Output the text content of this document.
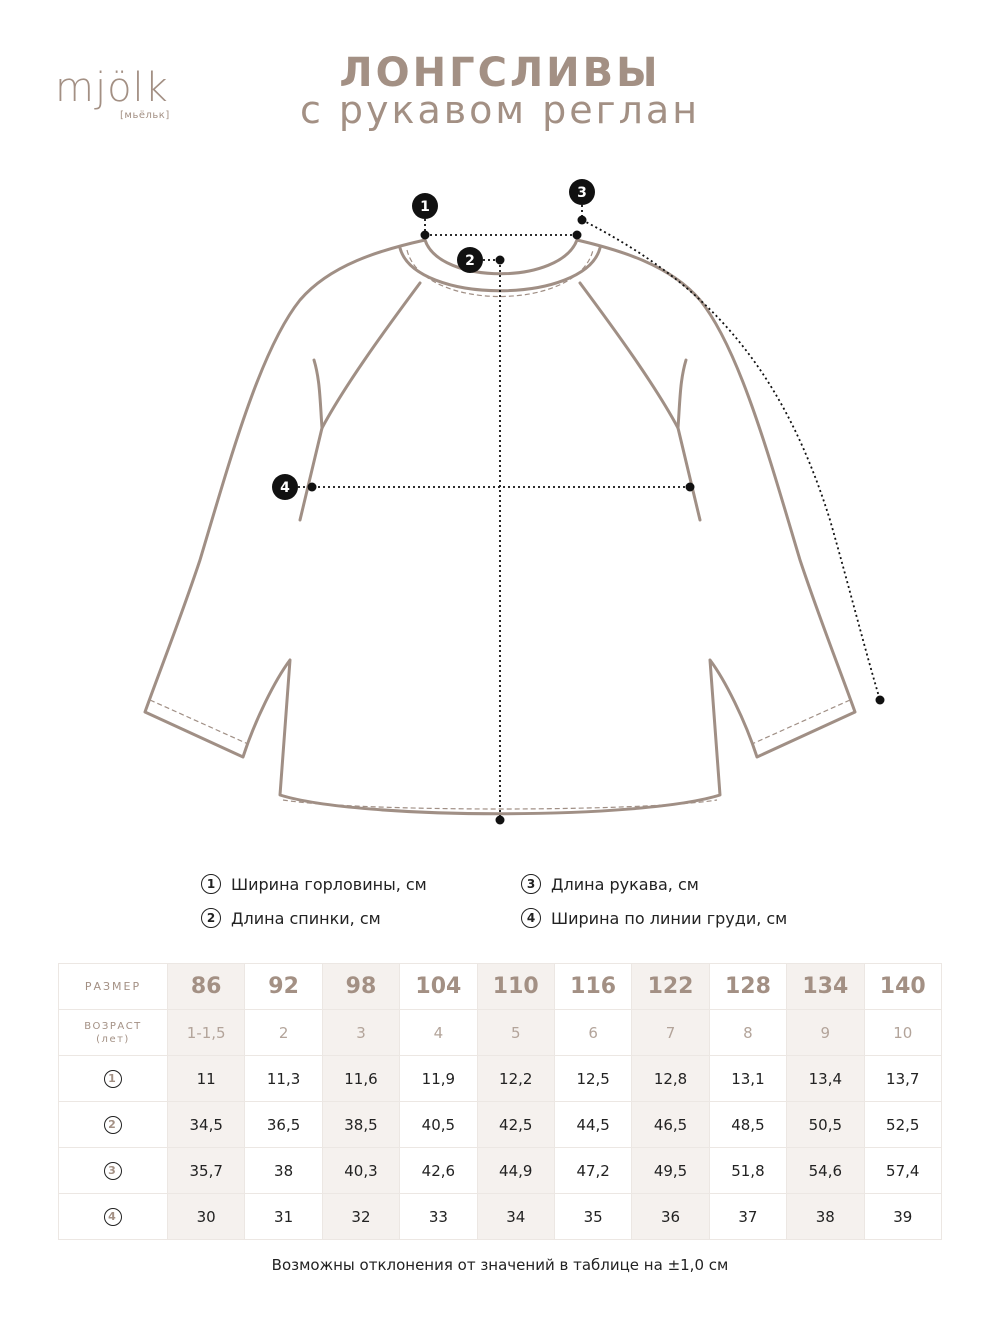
mjölk
[мьёльк]
ЛОНГСЛИВЫ
с рукавом реглан
1
2
3
4
1 Ширина горловины, см
2 Длина спинки, см
3 Длина рукава, см
4 Ширина по линии груди, см
РАЗМЕР	86	92	98	104	110	116	122	128	134	140

ВОЗРАСТ
(лет)	1-1,5	2	3	4	5	6	7	8	9	10
1	11	11,3	11,6	11,9	12,2	12,5	12,8	13,1	13,4	13,7
2	34,5	36,5	38,5	40,5	42,5	44,5	46,5	48,5	50,5	52,5
3	35,7	38	40,3	42,6	44,9	47,2	49,5	51,8	54,6	57,4
4	30	31	32	33	34	35	36	37	38	39
Возможны отклонения от значений в таблице на ±1,0 см
